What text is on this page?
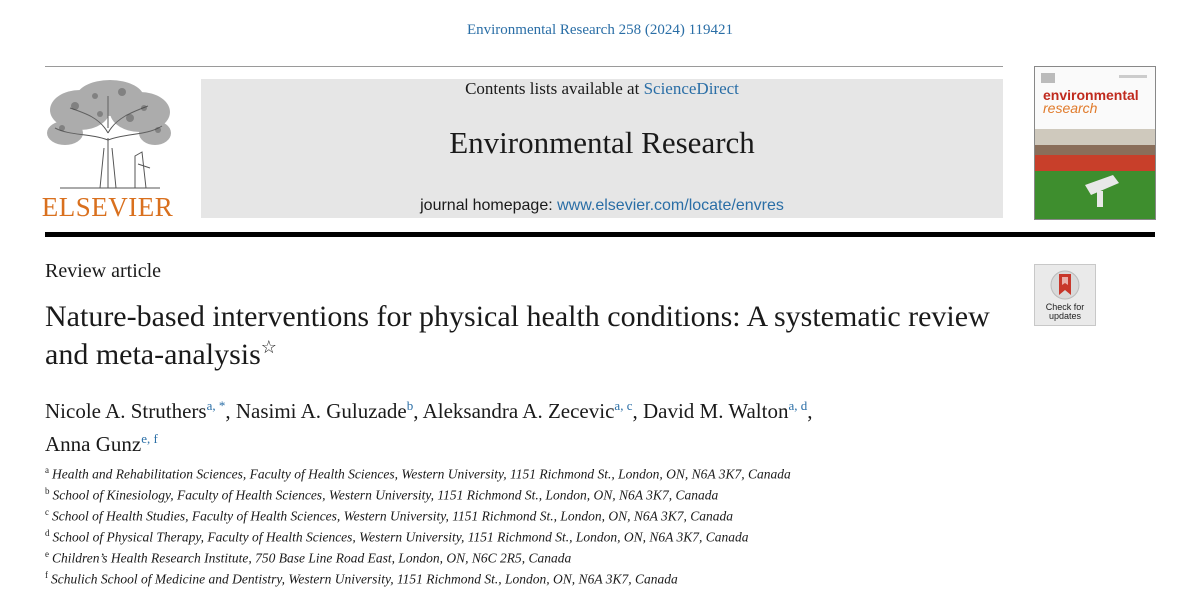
Environmental Research 258 (2024) 119421
ELSEVIER
Contents lists available at ScienceDirect
Environmental Research
journal homepage: www.elsevier.com/locate/envres
environmental
research
Review article
Nature-based interventions for physical health conditions: A systematic review and meta-analysis☆
Check for
updates
Nicole A. Struthers$^{a, *}$, Nasimi A. Guluzade$^b$, Aleksandra A. Zecevic$^{a, c}$, David M. Walton$^{a, d}$,
Anna Gunz$^{e, f}$
$^a$ Health and Rehabilitation Sciences, Faculty of Health Sciences, Western University, 1151 Richmond St., London, ON, N6A 3K7, Canada
$^b$ School of Kinesiology, Faculty of Health Sciences, Western University, 1151 Richmond St., London, ON, N6A 3K7, Canada
$^c$ School of Health Studies, Faculty of Health Sciences, Western University, 1151 Richmond St., London, ON, N6A 3K7, Canada
$^d$ School of Physical Therapy, Faculty of Health Sciences, Western University, 1151 Richmond St., London, ON, N6A 3K7, Canada
$^e$ Children’s Health Research Institute, 750 Base Line Road East, London, ON, N6C 2R5, Canada
$^f$ Schulich School of Medicine and Dentistry, Western University, 1151 Richmond St., London, ON, N6A 3K7, Canada
